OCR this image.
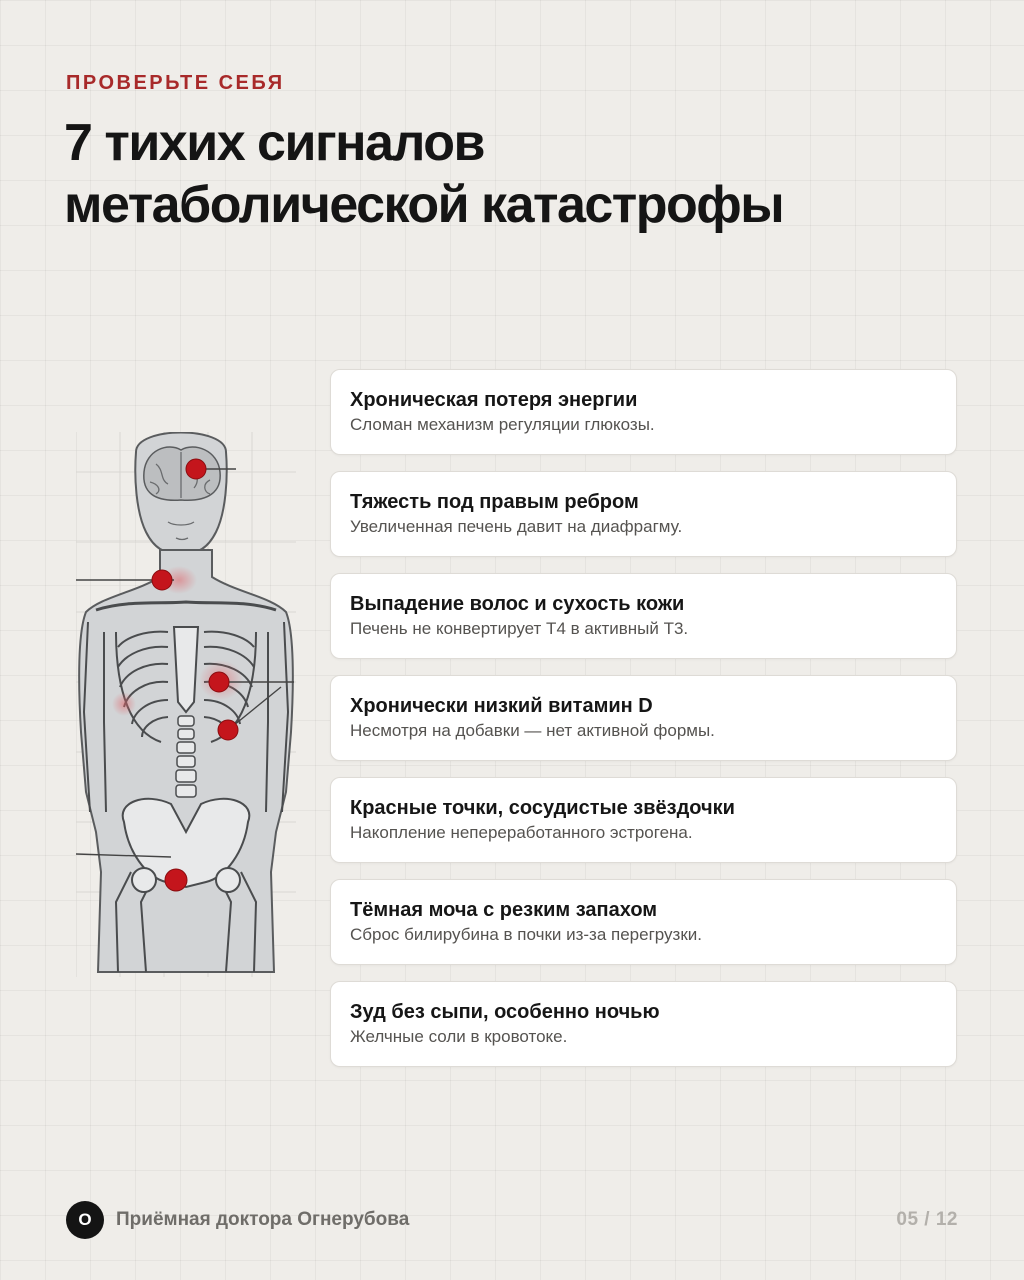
ПРОВЕРЬТЕ СЕБЯ
7 тихих сигналов
метаболической катастрофы
Хроническая потеря энергии
Сломан механизм регуляции глюкозы.
Тяжесть под правым ребром
Увеличенная печень давит на диафрагму.
Выпадение волос и сухость кожи
Печень не конвертирует Т4 в активный Т3.
Хронически низкий витамин D
Несмотря на добавки — нет активной формы.
Красные точки, сосудистые звёздочки
Накопление непереработанного эстрогена.
Тёмная моча с резким запахом
Сброс билирубина в почки из-за перегрузки.
Зуд без сыпи, особенно ночью
Желчные соли в кровотоке.
О	Приёмная доктора Огнерубова	05 / 12
